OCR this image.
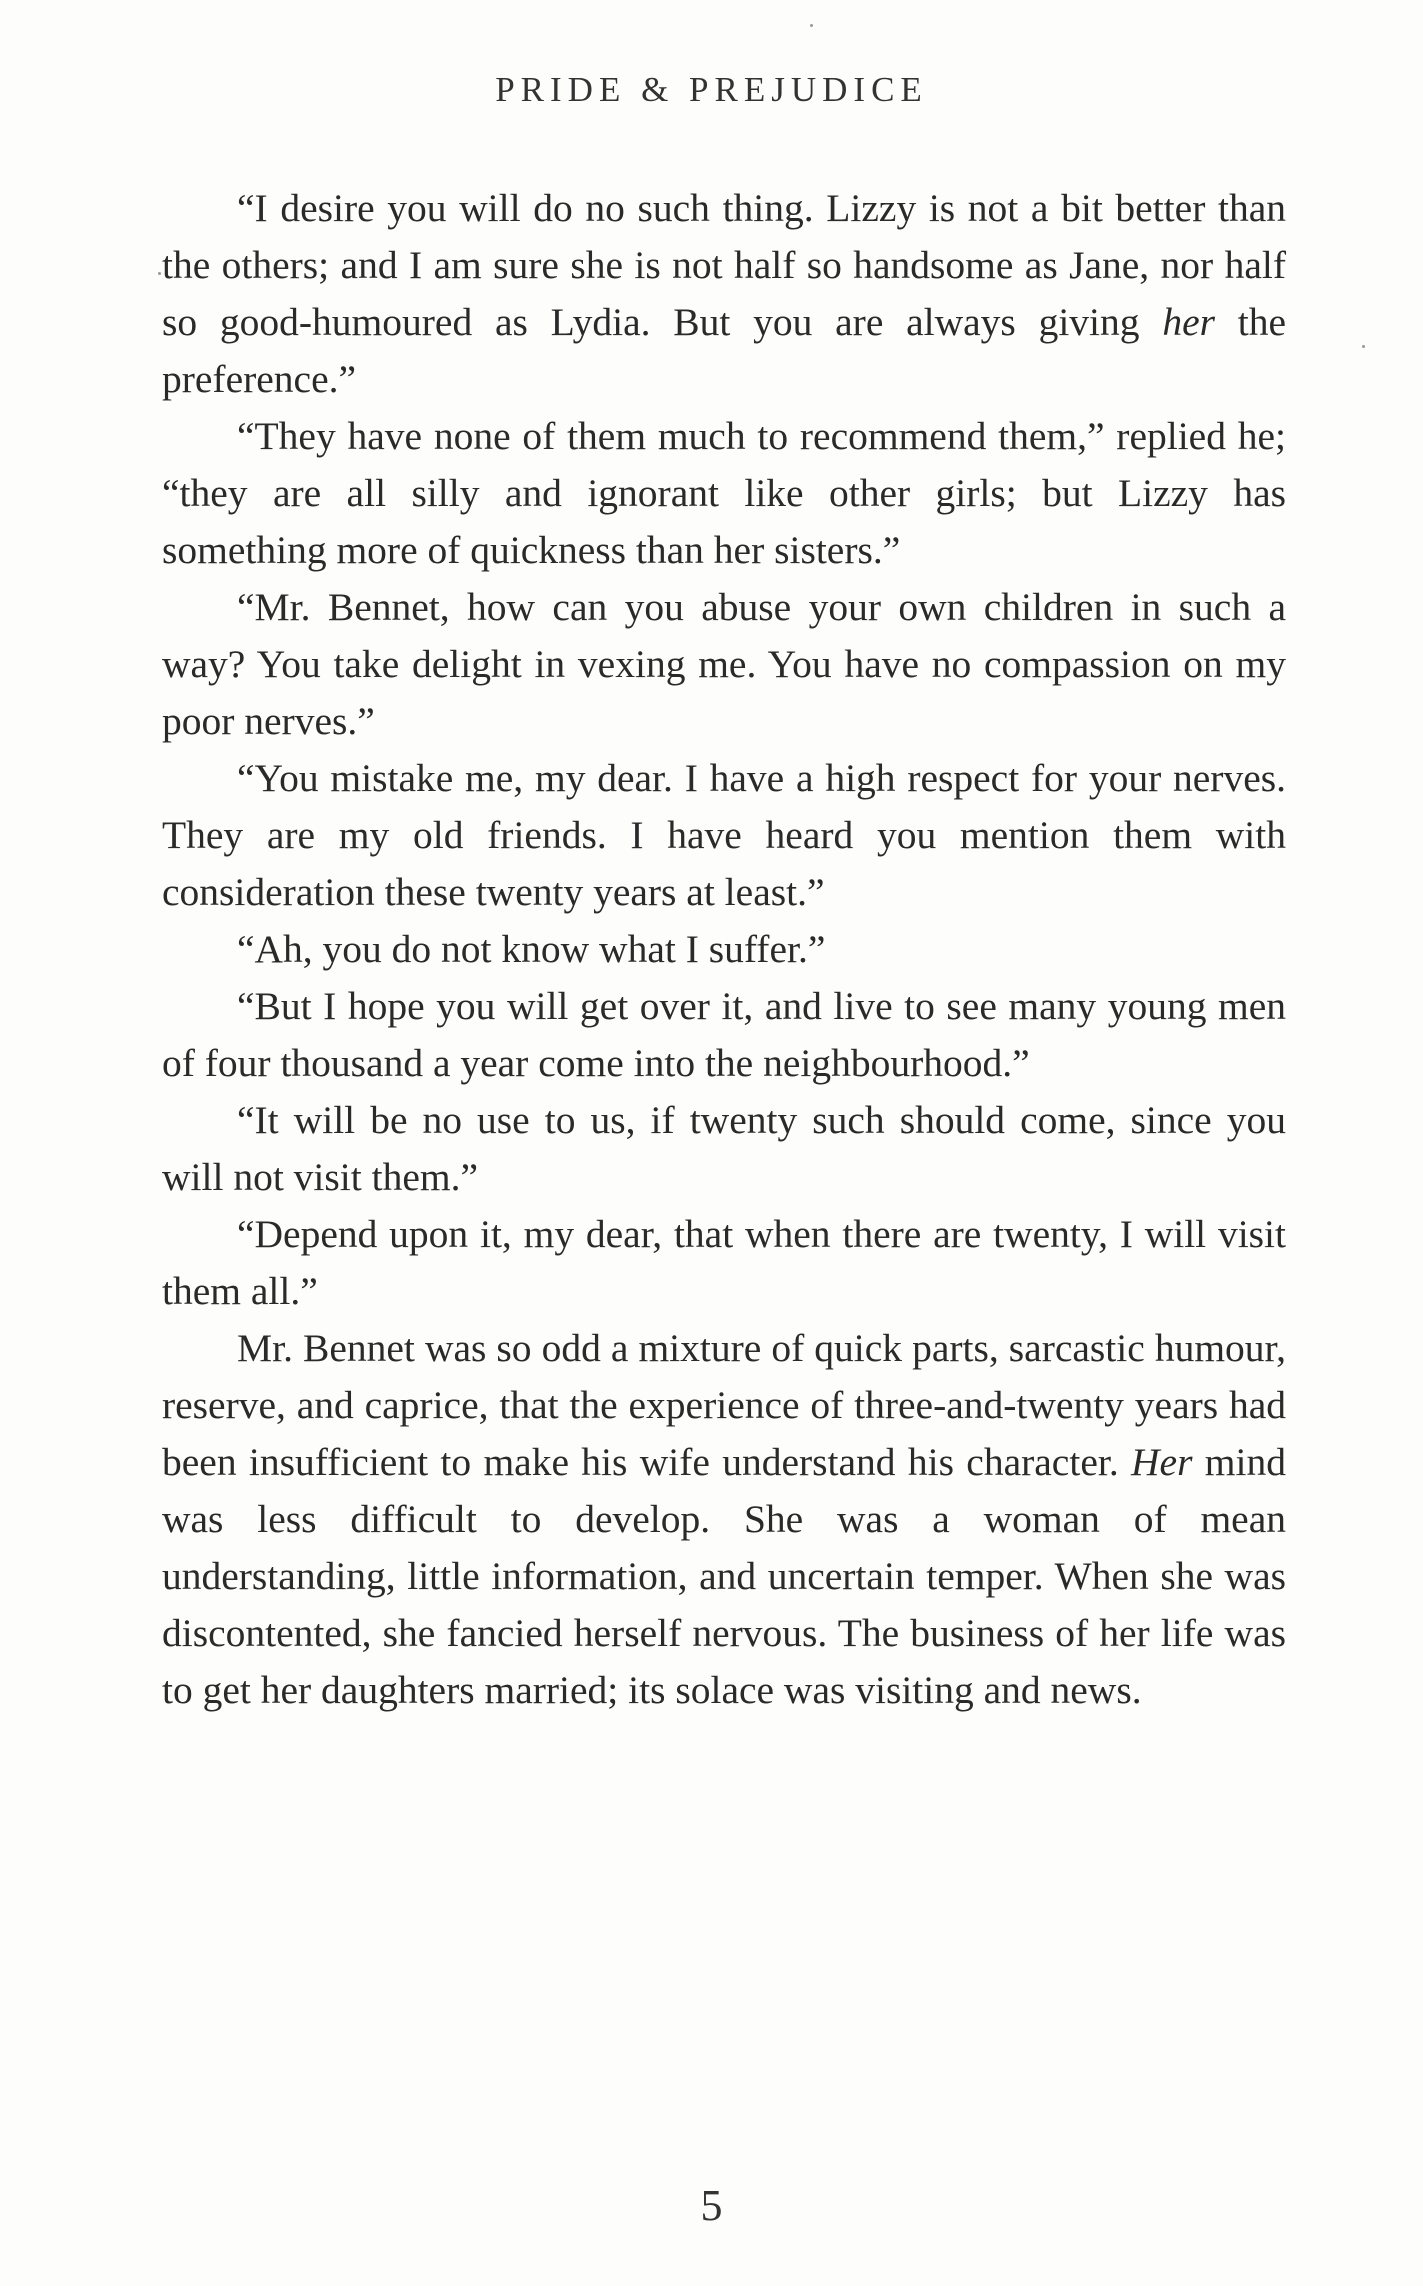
PRIDE & PREJUDICE

“I desire you will do no such thing. Lizzy is not a bit better than the others; and I am sure she is not half so handsome as Jane, nor half so good-humoured as Lydia. But you are always giving her the preference.”

“They have none of them much to recommend them,” replied he; “they are all silly and ignorant like other girls; but Lizzy has something more of quickness than her sisters.”

“Mr. Bennet, how can you abuse your own children in such a way? You take delight in vexing me. You have no compassion on my poor nerves.”

“You mistake me, my dear. I have a high respect for your nerves. They are my old friends. I have heard you mention them with consideration these twenty years at least.”

“Ah, you do not know what I suffer.”

“But I hope you will get over it, and live to see many young men of four thousand a year come into the neighbourhood.”

“It will be no use to us, if twenty such should come, since you will not visit them.”

“Depend upon it, my dear, that when there are twenty, I will visit them all.”

Mr. Bennet was so odd a mixture of quick parts, sarcastic humour, reserve, and caprice, that the experience of three-and-twenty years had been insufficient to make his wife understand his character. Her mind was less difficult to develop. She was a woman of mean understanding, little information, and uncertain temper. When she was discontented, she fancied herself nervous. The business of her life was to get her daughters married; its solace was visiting and news.

5
